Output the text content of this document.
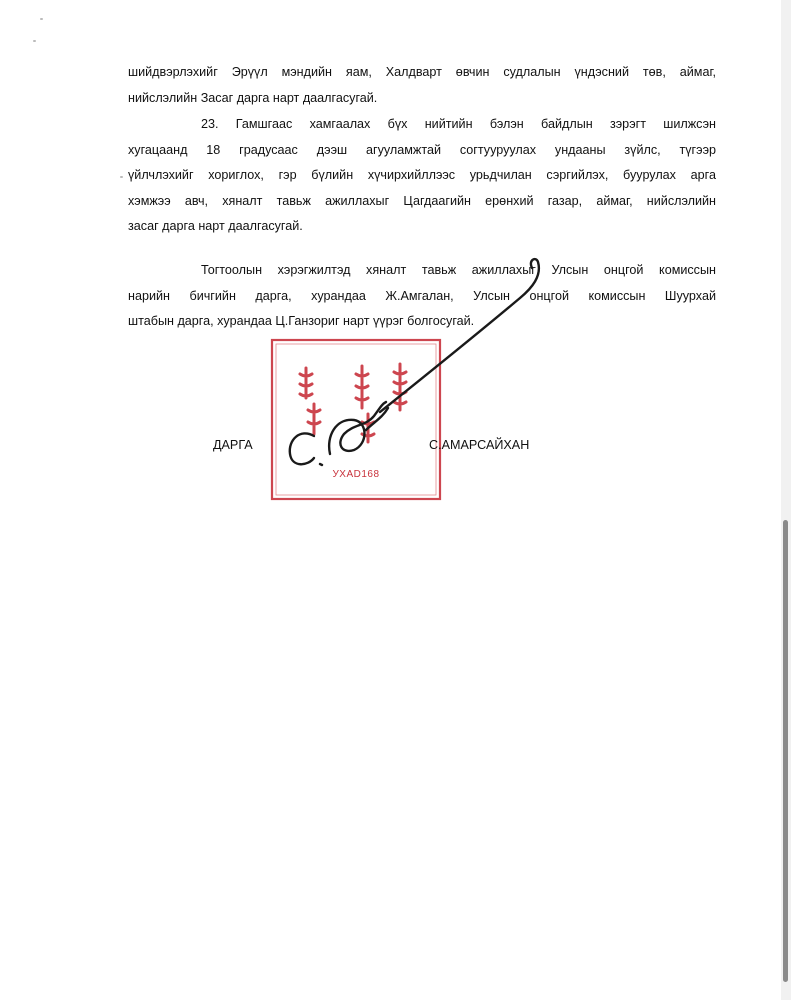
шийдвэрлэхийг Эрүүл мэндийн яам, Халдварт өвчин судлалын үндэсний төв, аймаг,
нийслэлийн Засаг дарга нарт даалгасугай.
23. Гамшгаас хамгаалах бүх нийтийн бэлэн байдлын зэрэгт шилжсэн
хугацаанд 18 градусаас дээш агууламжтай согтууруулах ундааны зүйлс, түгээр
үйлчлэхийг хориглох, гэр бүлийн хүчирхийллээс урьдчилан сэргийлэх, буурулах арга
хэмжээ авч, хяналт тавьж ажиллахыг Цагдаагийн ерөнхий газар, аймаг, нийслэлийн
засаг дарга нарт даалгасугай.
Тогтоолын хэрэгжилтэд хяналт тавьж ажиллахыг Улсын онцгой комиссын
нарийн бичгийн дарга, хурандаа Ж.Амгалан, Улсын онцгой комиссын Шуурхай
штабын дарга, хурандаа Ц.Ганзориг нарт үүрэг болгосугай.
УХАD168
ДАРГА	С.АМАРСАЙХАН
